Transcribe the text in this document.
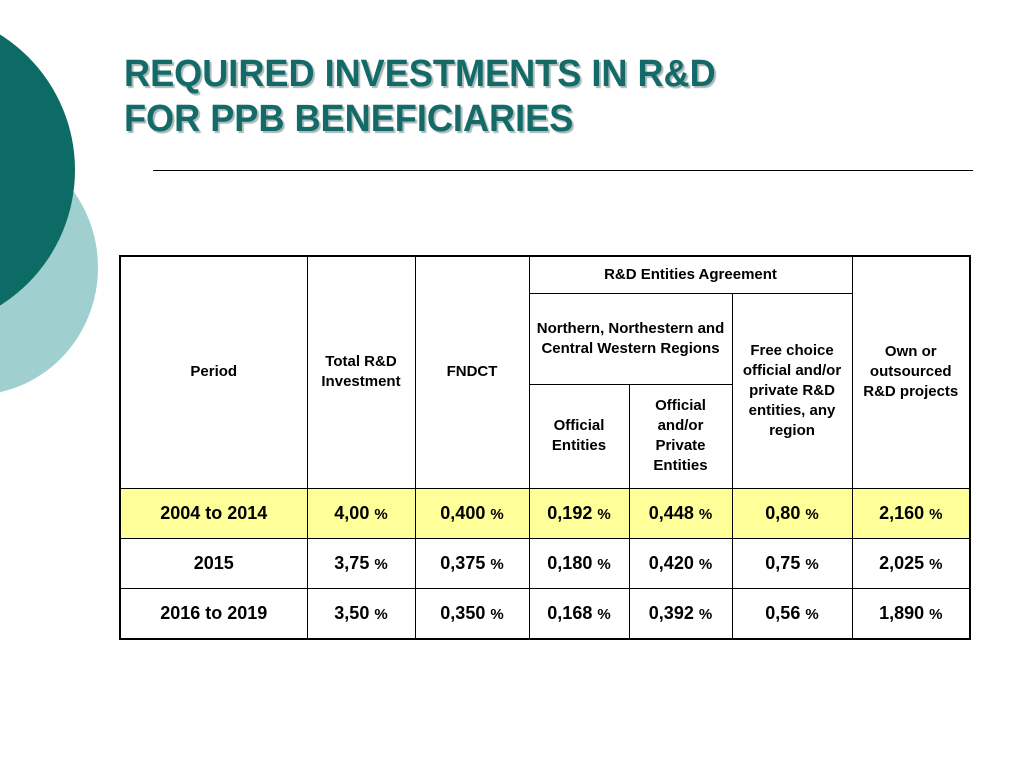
REQUIRED INVESTMENTS IN R&D
FOR PPB BENEFICIARIES
Period	Total R&D Investment	FNDCT	R&D Entities Agreement			Own or outsourced R&D projects
			Northern, Northestern and Central Western Regions		Free choice official and/or private R&D entities, any region	
			Official Entities	Official and/or Private Entities		
2004 to 2014	4,00 %	0,400 %	0,192 %	0,448 %	0,80 %	2,160 %
2015	3,75 %	0,375 %	0,180 %	0,420 %	0,75 %	2,025 %
2016 to 2019	3,50 %	0,350 %	0,168 %	0,392 %	0,56 %	1,890 %
